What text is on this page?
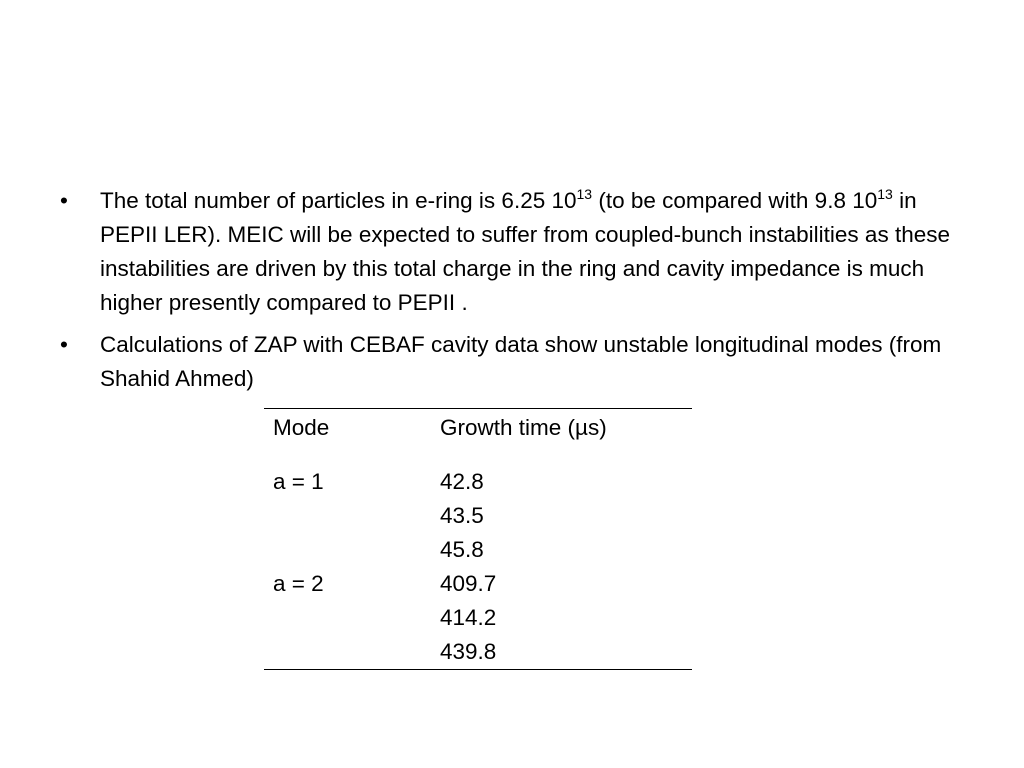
•	The total number of particles in e-ring is 6.25 $10^{13}$ (to be compared with 9.8 $10^{13}$ in PEPII LER). MEIC will be expected to suffer from coupled-bunch instabilities as these instabilities are driven by this total charge in the ring and cavity impedance is much higher presently compared to PEPII .
•	Calculations of ZAP with CEBAF cavity data show unstable longitudinal modes (from Shahid Ahmed)
Mode	Growth time (µs)
a = 1	42.8
	43.5
	45.8
a = 2	409.7
	414.2
	439.8
